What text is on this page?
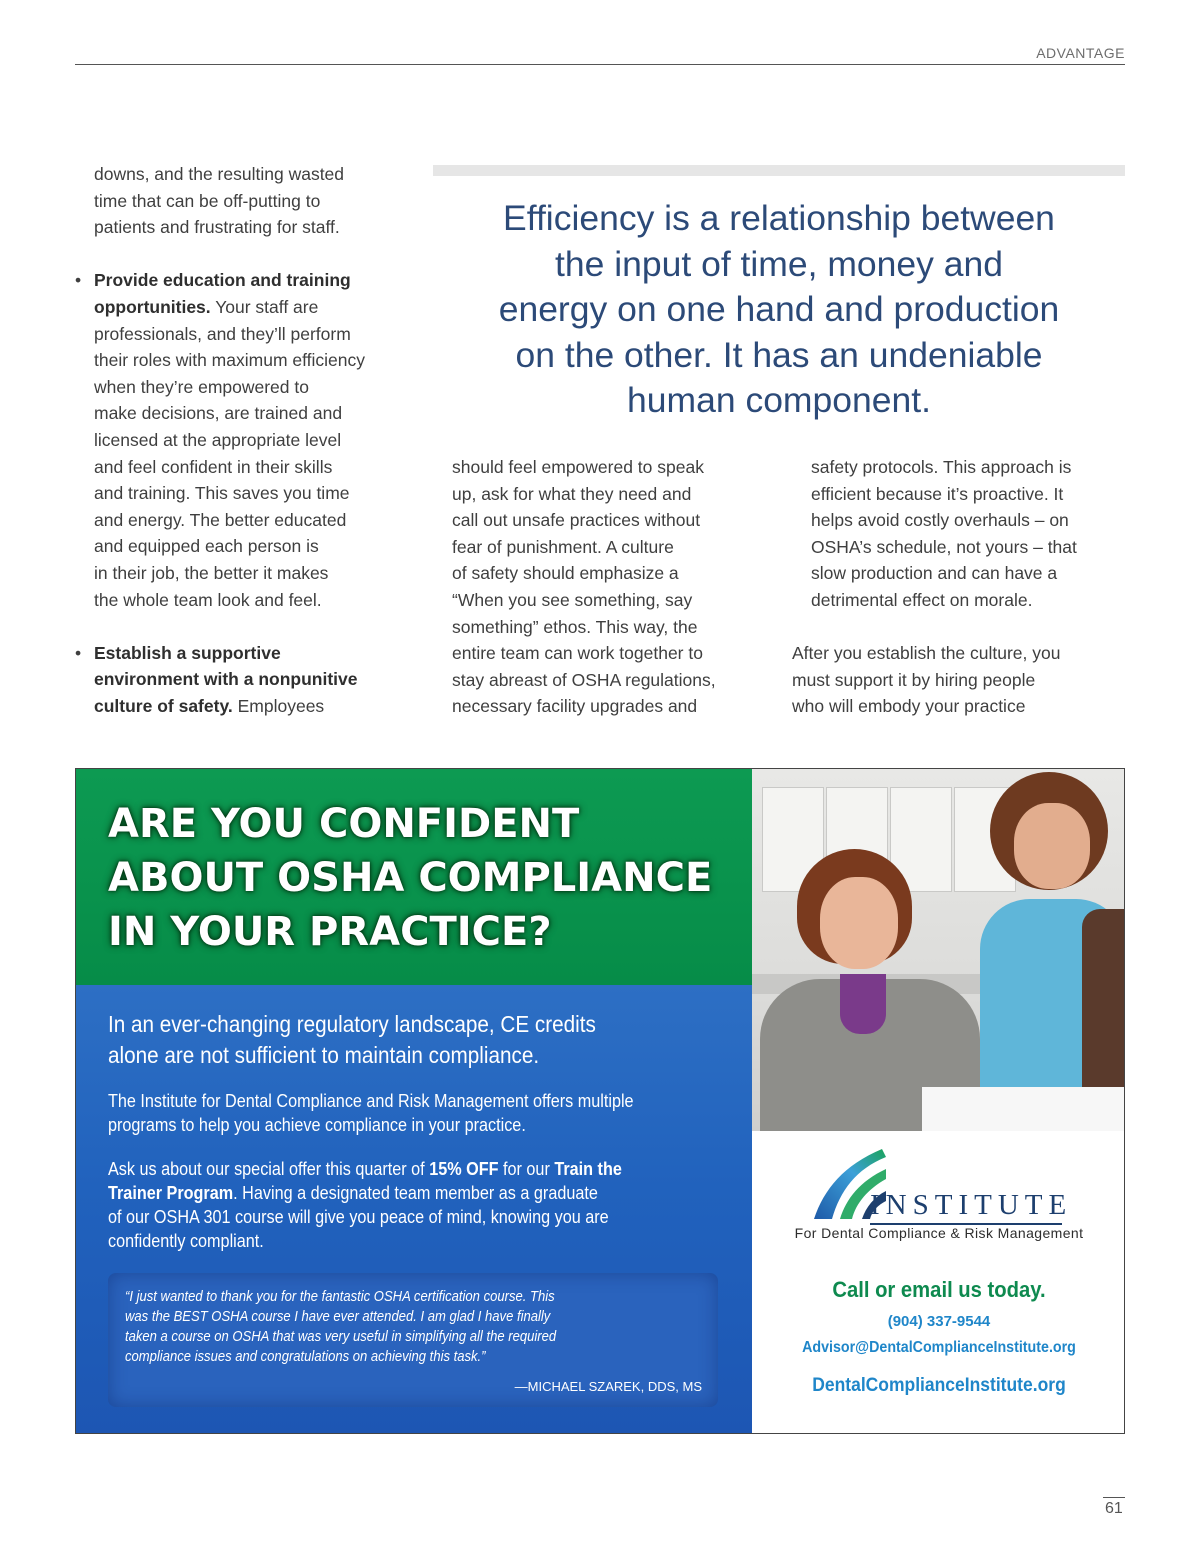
ADVANTAGE
downs, and the resulting wasted
time that can be off-putting to
patients and frustrating for staff.
• Provide education and training
opportunities. Your staff are
professionals, and they’ll perform
their roles with maximum efficiency
when they’re empowered to
make decisions, are trained and
licensed at the appropriate level
and feel confident in their skills
and training. This saves you time
and energy. The better educated
and equipped each person is
in their job, the better it makes
the whole team look and feel.
• Establish a supportive
environment with a nonpunitive
culture of safety. Employees
Efficiency is a relationship between
the input of time, money and
energy on one hand and production
on the other. It has an undeniable
human component.
should feel empowered to speak
up, ask for what they need and
call out unsafe practices without
fear of punishment. A culture
of safety should emphasize a
“When you see something, say
something” ethos. This way, the
entire team can work together to
stay abreast of OSHA regulations,
necessary facility upgrades and
safety protocols. This approach is
efficient because it’s proactive. It
helps avoid costly overhauls – on
OSHA’s schedule, not yours – that
slow production and can have a
detrimental effect on morale.
After you establish the culture, you
must support it by hiring people
who will embody your practice
ARE YOU CONFIDENT
ABOUT OSHA COMPLIANCE
IN YOUR PRACTICE?
In an ever-changing regulatory landscape, CE credits
alone are not sufficient to maintain compliance.
The Institute for Dental Compliance and Risk Management offers multiple
programs to help you achieve compliance in your practice.
Ask us about our special offer this quarter of 15% OFF for our Train the
Trainer Program. Having a designated team member as a graduate
of our OSHA 301 course will give you peace of mind, knowing you are
confidently compliant.
“I just wanted to thank you for the fantastic OSHA certification course. This
was the BEST OSHA course I have ever attended. I am glad I have finally
taken a course on OSHA that was very useful in simplifying all the required
compliance issues and congratulations on achieving this task.”
—MICHAEL SZAREK, DDS, MS
INSTITUTE
For Dental Compliance & Risk Management
Call or email us today.
(904) 337-9544
Advisor@DentalComplianceInstitute.org
DentalComplianceInstitute.org
61
